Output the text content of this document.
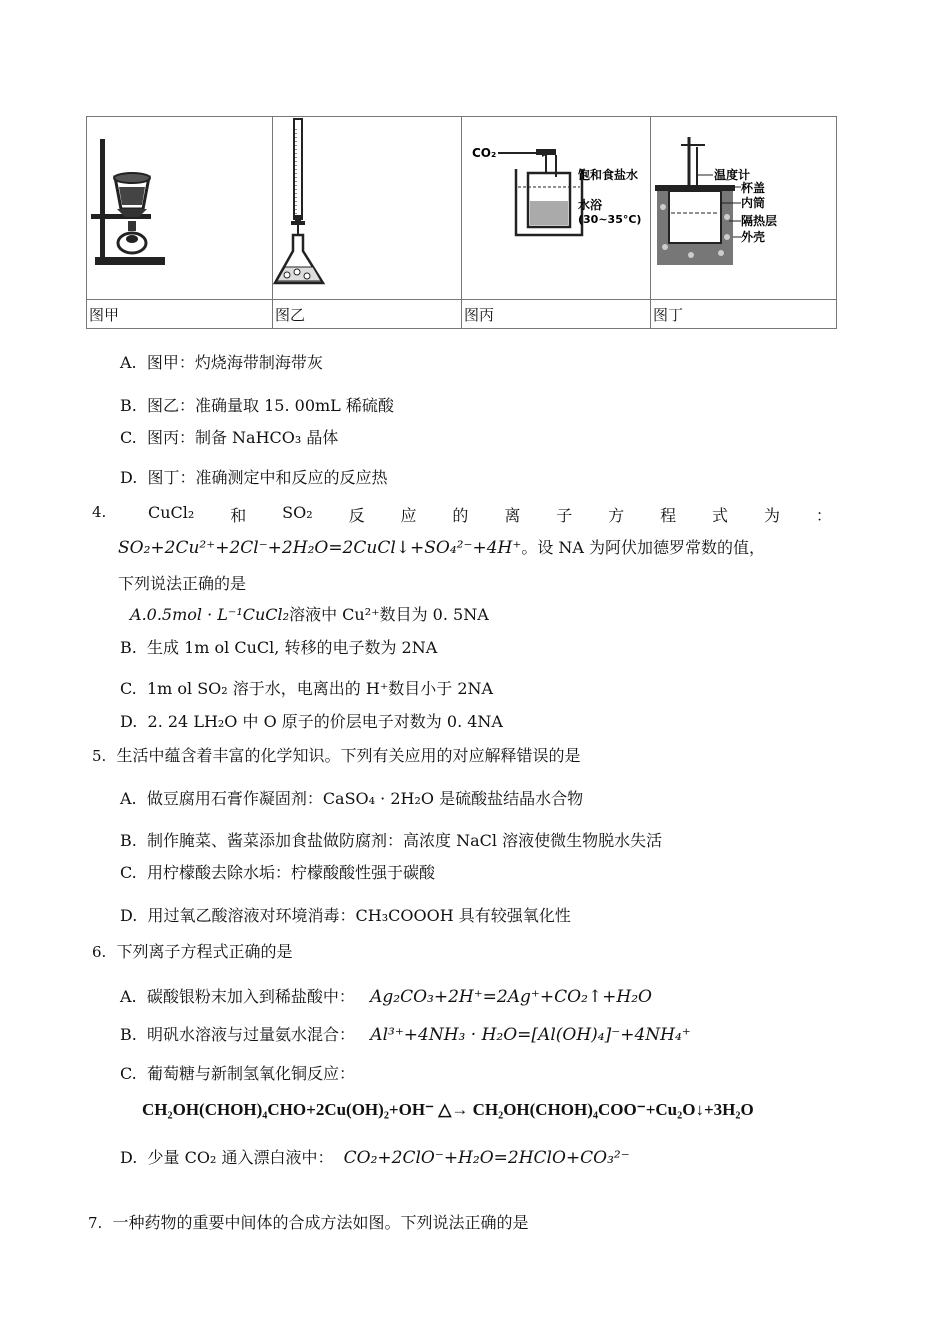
CO₂
饱和食盐水
水浴
(30~35°C)	温度计
杯盖
内筒
隔热层
外壳

图甲	图乙	图丙	图丁
A. 图甲：灼烧海带制海带灰
B. 图乙：准确量取 15. 00mL 稀硫酸
C. 图丙：制备 NaHCO₃ 晶体
D. 图丁：准确测定中和反应的反应热
4.	CuCl₂ 和 SO₂ 反 应 的 离 子 方 程 式 为 ：
SO₂+2Cu²⁺+2Cl⁻+2H₂O=2CuCl↓+SO₄²⁻+4H⁺。设 NA 为阿伏加德罗常数的值，
下列说法正确的是
A.0.5mol · L⁻¹CuCl₂溶液中 Cu²⁺数目为 0. 5NA
B. 生成 1m ol CuCl, 转移的电子数为 2NA
C. 1m ol SO₂ 溶于水，电离出的 H⁺数目小于 2NA
D. 2. 24 LH₂O 中 O 原子的价层电子对数为 0. 4NA
5. 生活中蕴含着丰富的化学知识。下列有关应用的对应解释错误的是
A. 做豆腐用石膏作凝固剂：CaSO₄ · 2H₂O 是硫酸盐结晶水合物
B. 制作腌菜、酱菜添加食盐做防腐剂：高浓度 NaCl 溶液使微生物脱水失活
C. 用柠檬酸去除水垢：柠檬酸酸性强于碳酸
D. 用过氧乙酸溶液对环境消毒：CH₃COOOH 具有较强氧化性
6. 下列离子方程式正确的是
A. 碳酸银粉末加入到稀盐酸中： Ag₂CO₃+2H⁺=2Ag⁺+CO₂↑+H₂O
B. 明矾水溶液与过量氨水混合： Al³⁺+4NH₃ · H₂O=[Al(OH)₄]⁻+4NH₄⁺
C. 葡萄糖与新制氢氧化铜反应：
CH₂OH(CHOH)₄CHO+2Cu(OH)₂+OH⁻ △→ CH₂OH(CHOH)₄COO⁻+Cu₂O↓+3H₂O
D. 少量 CO₂ 通入漂白液中： CO₂+2ClO⁻+H₂O=2HClO+CO₃²⁻
7. 一种药物的重要中间体的合成方法如图。下列说法正确的是
